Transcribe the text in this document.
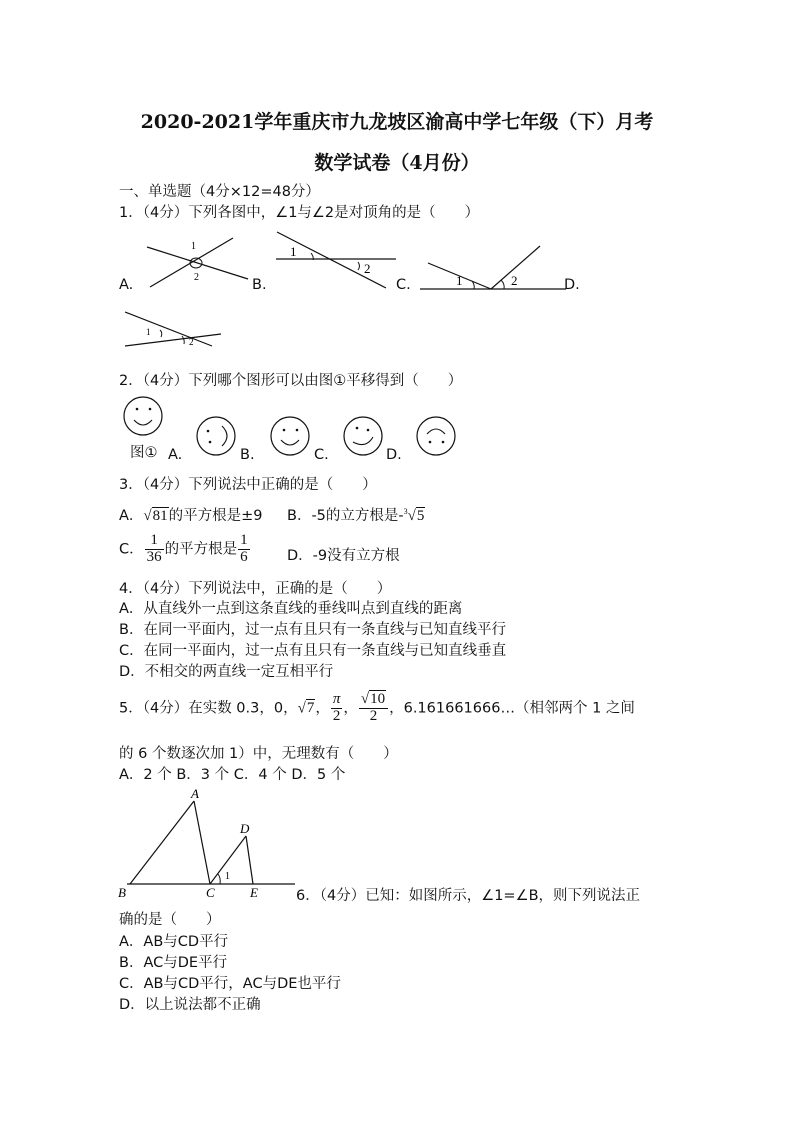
2020-2021学年重庆市九龙坡区渝高中学七年级（下）月考
数学试卷（4月份）
一、单选题（4分×12=48分）
1．（4分）下列各图中，∠1与∠2是对顶角的是（　　）
1
2
1
2
1	2
1
2
A.	B.	C.	D.
2．（4分）下列哪个图形可以由图①平移得到（　　）
图① A.	B.	C.	D.
3．（4分）下列说法中正确的是（　　）
A．√81的平方根是±9 B．-5的立方根是-$^3$√5
C． $\frac{1}{36}$ 的平方根是 $\frac{1}{6}$	D．-9没有立方根
4．（4分）下列说法中，正确的是（　　）
A．从直线外一点到这条直线的垂线叫点到直线的距离
B．在同一平面内，过一点有且只有一条直线与已知直线平行
C．在同一平面内，过一点有且只有一条直线与已知直线垂直
D．不相交的两直线一定互相平行
5．（4分）在实数 0.3，0，√7， $\frac{\pi}{2}$ ， $\frac{√10}{2}$ ，6.161661666…（相邻两个 1 之间
的 6 个数逐次加 1）中，无理数有（　　）
A．2 个 B．3 个 C．4 个 D．5 个
A
B	C
D
E
1
6．（4分）已知：如图所示，∠1=∠B，则下列说法正
确的是（　　）
A．AB与CD平行
B．AC与DE平行
C．AB与CD平行，AC与DE也平行
D．以上说法都不正确
